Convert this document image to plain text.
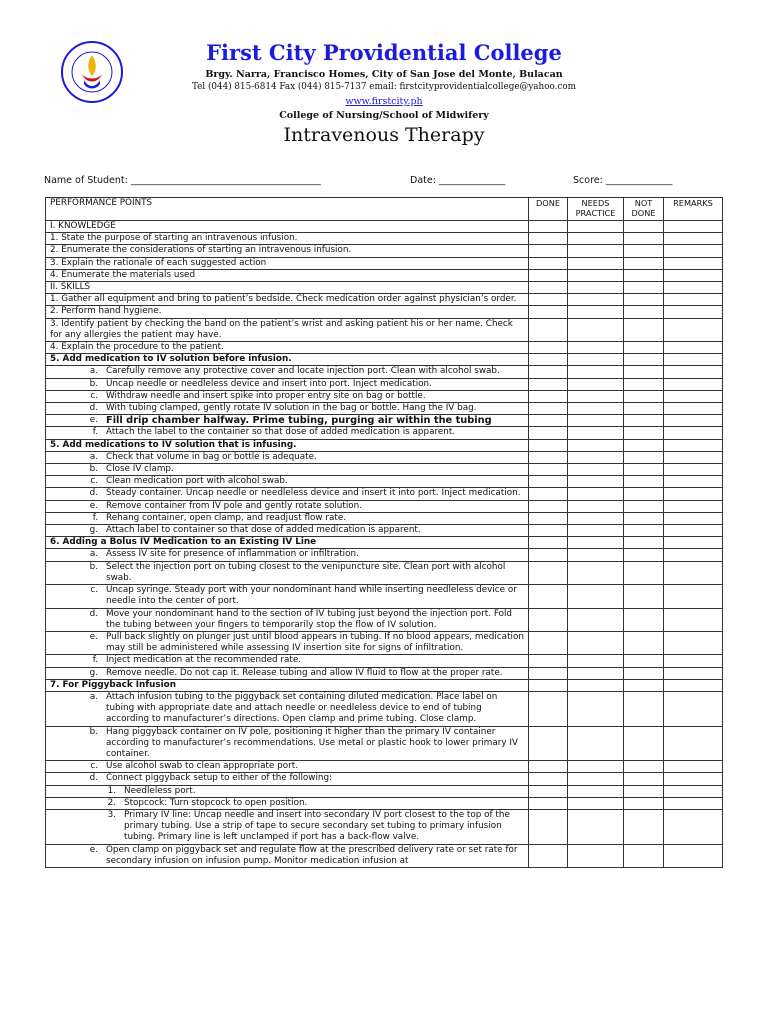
First City Providential College
Brgy. Narra, Francisco Homes, City of San Jose del Monte, Bulacan
Tel (044) 815-6814 Fax (044) 815-7137 email: firstcityprovidentialcollege@yahoo.com
www.firstcity.ph
College of Nursing/School of Midwifery
Intravenous Therapy
Name of Student: ________________________________________	Date: ______________	Score: ______________
PERFORMANCE POINTS	DONE	NEEDS PRACTICE	NOT DONE	REMARKS
I. KNOWLEDGE				
1. State the purpose of starting an intravenous infusion.				
2. Enumerate the considerations of starting an intravenous infusion.				
3. Explain the rationale of each suggested action				
4. Enumerate the materials used				
II. SKILLS				
1. Gather all equipment and bring to patient’s bedside. Check medication order against physician’s order.				
2. Perform hand hygiene.				
3. Identify patient by checking the band on the patient’s wrist and asking patient his or her name. Check for any allergies the patient may have.				
4. Explain the procedure to the patient.				
5. Add medication to IV solution before infusion.				

a. Carefully remove any protective cover and locate injection port. Clean with alcohol swab.				

b. Uncap needle or needleless device and insert into port. Inject medication.				

c. Withdraw needle and insert spike into proper entry site on bag or bottle.				

d. With tubing clamped, gently rotate IV solution in the bag or bottle. Hang the IV bag.				

e. Fill drip chamber halfway. Prime tubing, purging air within the tubing				

f. Attach the label to the container so that dose of added medication is apparent.				

5. Add medications to IV solution that is infusing.				

a. Check that volume in bag or bottle is adequate.				

b. Close IV clamp.				

c. Clean medication port with alcohol swab.				

d. Steady container. Uncap needle or needleless device and insert it into port. Inject medication.				

e. Remove container from IV pole and gently rotate solution.				

f. Rehang container, open clamp, and readjust flow rate.				

g. Attach label to container so that dose of added medication is apparent.				

6. Adding a Bolus IV Medication to an Existing IV Line				

a. Assess IV site for presence of inflammation or infiltration.				

b. Select the injection port on tubing closest to the venipuncture site. Clean port with alcohol swab.				

c. Uncap syringe. Steady port with your nondominant hand while inserting needleless device or needle into the center of port.				

d. Move your nondominant hand to the section of IV tubing just beyond the injection port. Fold the tubing between your fingers to temporarily stop the flow of IV solution.				

e. Pull back slightly on plunger just until blood appears in tubing. If no blood appears, medication may still be administered while assessing IV insertion site for signs of infiltration.				

f. Inject medication at the recommended rate.				

g. Remove needle. Do not cap it. Release tubing and allow IV fluid to flow at the proper rate.				

7. For Piggyback Infusion				

a. Attach infusion tubing to the piggyback set containing diluted medication. Place label on tubing with appropriate date and attach needle or needleless device to end of tubing according to manufacturer’s directions. Open clamp and prime tubing. Close clamp.				

b. Hang piggyback container on IV pole, positioning it higher than the primary IV container according to manufacturer’s recommendations. Use metal or plastic hook to lower primary IV container.				

c. Use alcohol swab to clean appropriate port.				

d. Connect piggyback setup to either of the following:				

1. Needleless port.				

2. Stopcock: Turn stopcock to open position.				

3. Primary IV line: Uncap needle and insert into secondary IV port closest to the top of the primary tubing. Use a strip of tape to secure secondary set tubing to primary infusion tubing. Primary line is left unclamped if port has a back-flow valve.				

e. Open clamp on piggyback set and regulate flow at the prescribed delivery rate or set rate for secondary infusion on infusion pump. Monitor medication infusion at				
